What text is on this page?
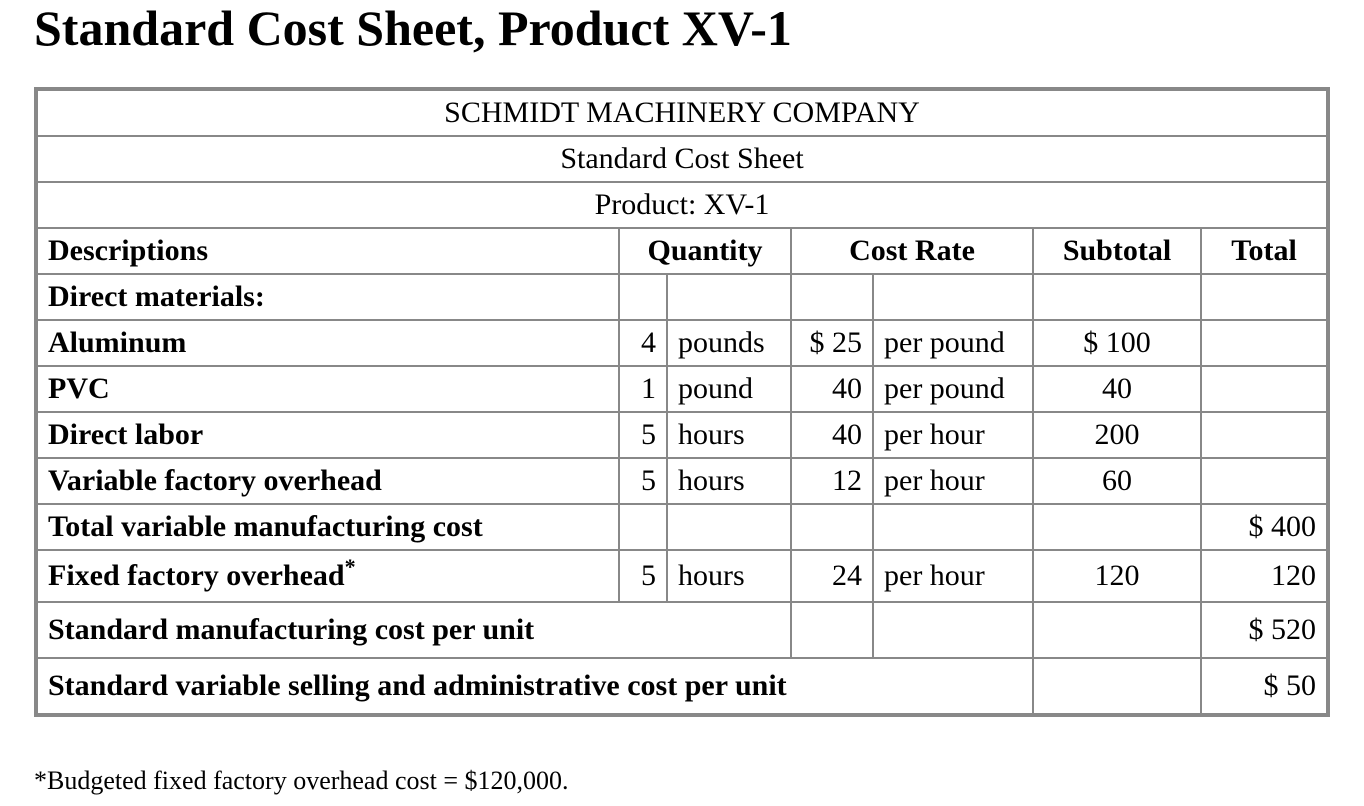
Standard Cost Sheet, Product XV-1
SCHMIDT MACHINERY COMPANY						
Standard Cost Sheet						
Product: XV-1						
Descriptions	Quantity		Cost Rate		Subtotal	Total
Direct materials:						
Aluminum	4	pounds	$ 25	per pound	$ 100	
PVC	1	pound	40	per pound	40	
Direct labor	5	hours	40	per hour	200	
Variable factory overhead	5	hours	12	per hour	60	
Total variable manufacturing cost						$ 400
Fixed factory overhead*	5	hours	24	per hour	120	120
Standard manufacturing cost per unit						$ 520
Standard variable selling and administrative cost per unit						$ 50
*Budgeted fixed factory overhead cost = $120,000.
